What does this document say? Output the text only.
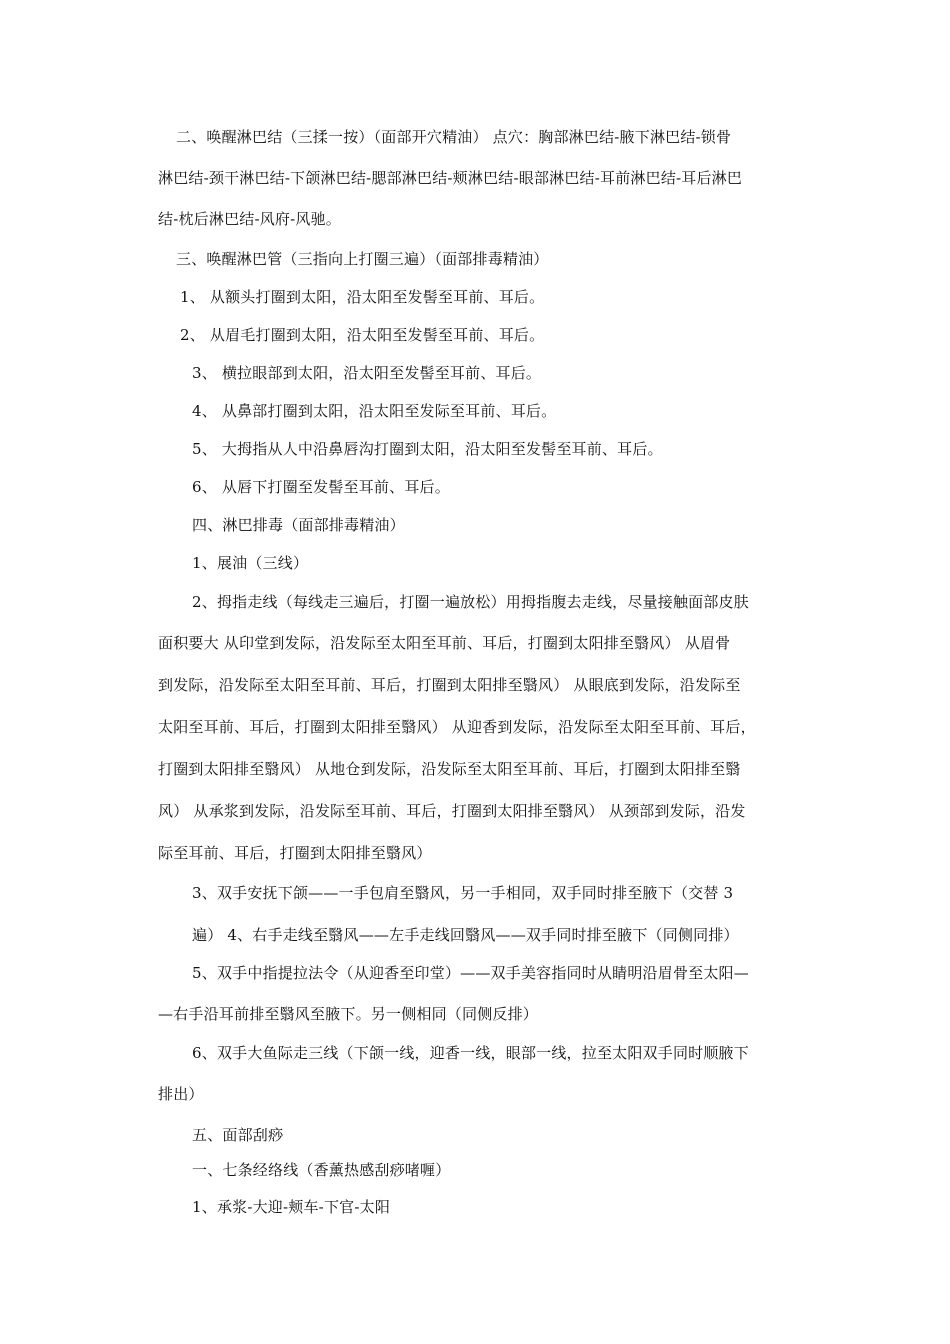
二、唤醒淋巴结（三揉一按）（面部开穴精油） 点穴：胸部淋巴结-腋下淋巴结-锁骨
淋巴结-颈干淋巴结-下颌淋巴结-腮部淋巴结-颊淋巴结-眼部淋巴结-耳前淋巴结-耳后淋巴
结-枕后淋巴结-风府-风驰。
三、唤醒淋巴管（三指向上打圈三遍）（面部排毒精油）
1、 从额头打圈到太阳，沿太阳至发髻至耳前、耳后。
2、 从眉毛打圈到太阳，沿太阳至发髻至耳前、耳后。
3、 横拉眼部到太阳，沿太阳至发髻至耳前、耳后。
4、 从鼻部打圈到太阳，沿太阳至发际至耳前、耳后。
5、 大拇指从人中沿鼻唇沟打圈到太阳，沿太阳至发髻至耳前、耳后。
6、 从唇下打圈至发髻至耳前、耳后。
四、淋巴排毒（面部排毒精油）
1、展油（三线）
2、拇指走线（每线走三遍后，打圈一遍放松）用拇指腹去走线，尽量接触面部皮肤
面积要大 从印堂到发际，沿发际至太阳至耳前、耳后，打圈到太阳排至翳风） 从眉骨
到发际，沿发际至太阳至耳前、耳后，打圈到太阳排至翳风） 从眼底到发际，沿发际至
太阳至耳前、耳后，打圈到太阳排至翳风） 从迎香到发际，沿发际至太阳至耳前、耳后，
打圈到太阳排至翳风） 从地仓到发际，沿发际至太阳至耳前、耳后，打圈到太阳排至翳
风） 从承浆到发际，沿发际至耳前、耳后，打圈到太阳排至翳风） 从颈部到发际，沿发
际至耳前、耳后，打圈到太阳排至翳风）
3、双手安抚下颌——一手包肩至翳风，另一手相同，双手同时排至腋下（交替 3
遍） 4、右手走线至翳风——左手走线回翳风——双手同时排至腋下（同侧同排）
5、双手中指提拉法令（从迎香至印堂）——双手美容指同时从睛明沿眉骨至太阳—
—右手沿耳前排至翳风至腋下。另一侧相同（同侧反排）
6、双手大鱼际走三线（下颌一线，迎香一线，眼部一线，拉至太阳双手同时顺腋下
排出）
五、面部刮痧
一、七条经络线（香薰热感刮痧啫喱）
1、承浆-大迎-颊车-下官-太阳
